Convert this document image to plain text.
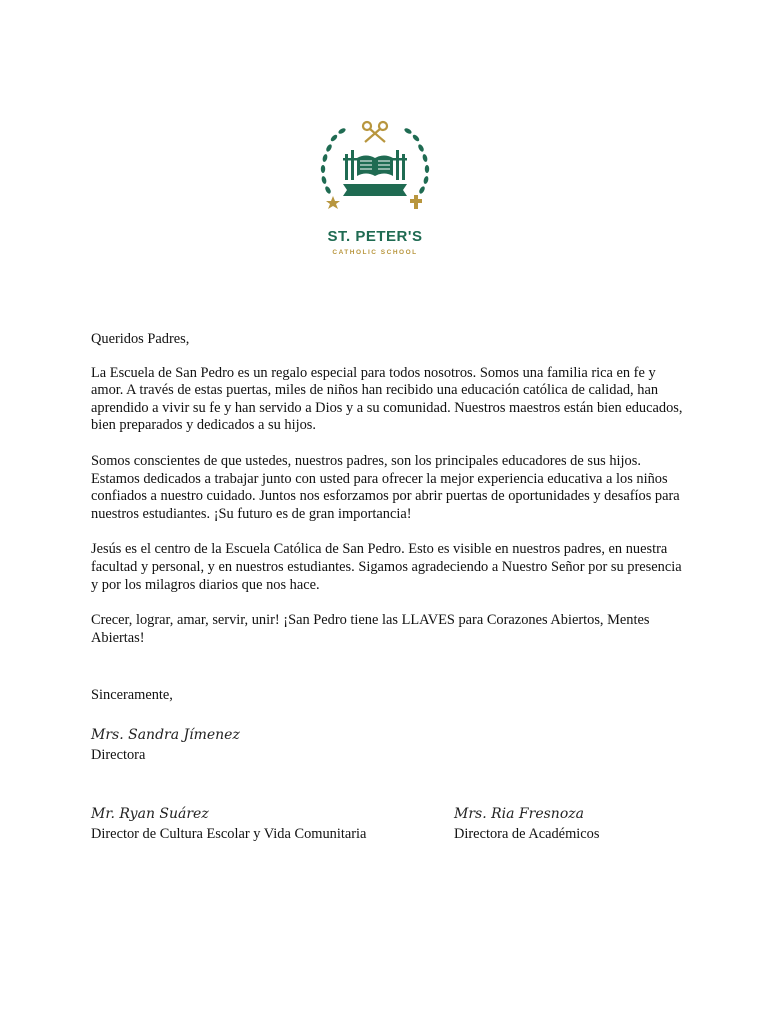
ST. PETER'S
CATHOLIC SCHOOL

Queridos Padres,

La Escuela de San Pedro es un regalo especial para todos nosotros. Somos una familia rica en fe y amor. A través de estas puertas, miles de niños han recibido una educación católica de calidad, han aprendido a vivir su fe y han servido a Dios y a su comunidad. Nuestros maestros están bien educados, bien preparados y dedicados a su hijos.

Somos conscientes de que ustedes, nuestros padres, son los principales educadores de sus hijos. Estamos dedicados a trabajar junto con usted para ofrecer la mejor experiencia educativa a los niños confiados a nuestro cuidado. Juntos nos esforzamos por abrir puertas de oportunidades y desafíos para nuestros estudiantes. ¡Su futuro es de gran importancia!

Jesús es el centro de la Escuela Católica de San Pedro. Esto es visible en nuestros padres, en nuestra facultad y personal, y en nuestros estudiantes. Sigamos agradeciendo a Nuestro Señor por su presencia y por los milagros diarios que nos hace.

Crecer, lograr, amar, servir, unir! ¡San Pedro tiene las LLAVES para Corazones Abiertos, Mentes Abiertas!

Sinceramente,
Mrs. Sandra Jímenez
Directora
Mr. Ryan Suárez
Director de Cultura Escolar y Vida Comunitaria
Mrs. Ria Fresnoza
Directora de Académicos
